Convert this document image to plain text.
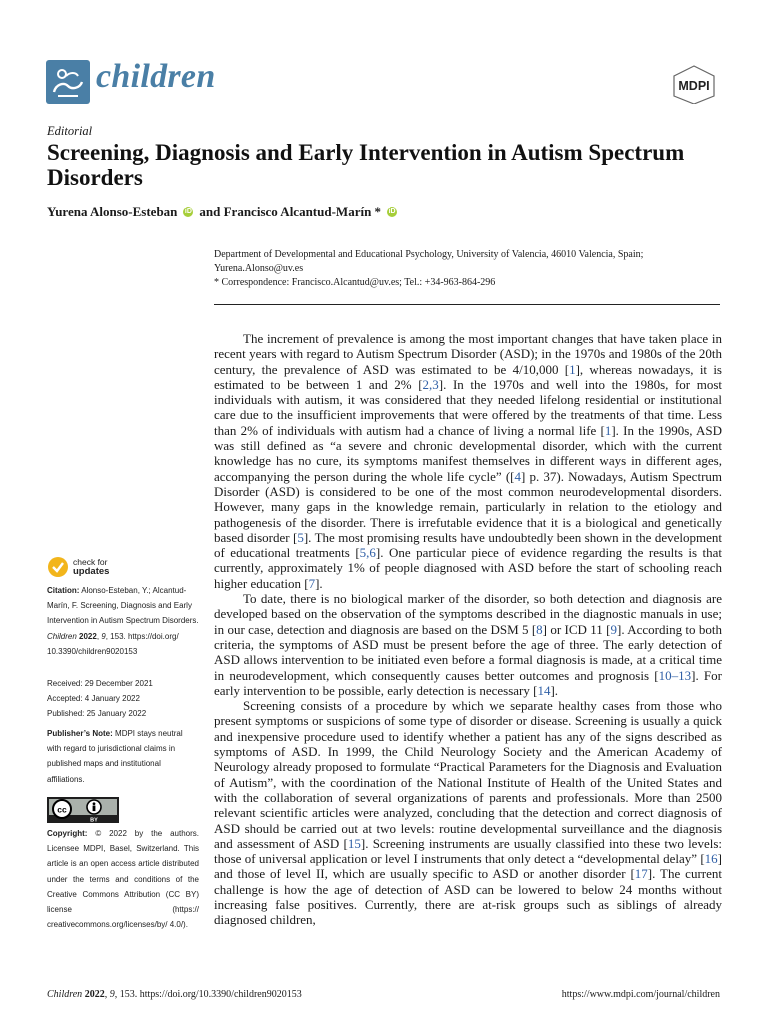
children	MDPI
Editorial
Screening, Diagnosis and Early Intervention in Autism Spectrum Disorders
Yurena Alonso-Esteban iD and Francisco Alcantud-Marín * iD
Department of Developmental and Educational Psychology, University of Valencia, 46010 Valencia, Spain;
Yurena.Alonso@uv.es
* Correspondence: Francisco.Alcantud@uv.es; Tel.: +34-963-864-296
check for
updates
Citation: Alonso-Esteban, Y.; Alcantud-Marín, F. Screening, Diagnosis and Early Intervention in Autism Spectrum Disorders. Children 2022, 9, 153. https://doi.org/ 10.3390/children9020153
Received: 29 December 2021
Accepted: 4 January 2022
Published: 25 January 2022
Publisher’s Note: MDPI stays neutral with regard to jurisdictional claims in published maps and institutional affiliations.
cc
BY
Copyright: © 2022 by the authors. Licensee MDPI, Basel, Switzerland. This article is an open access article distributed under the terms and conditions of the Creative Commons Attribution (CC BY) license (https:// creativecommons.org/licenses/by/ 4.0/).

The increment of prevalence is among the most important changes that have taken place in recent years with regard to Autism Spectrum Disorder (ASD); in the 1970s and 1980s of the 20th century, the prevalence of ASD was estimated to be 4/10,000 [1], whereas nowadays, it is estimated to be between 1 and 2% [2,3]. In the 1970s and well into the 1980s, for most individuals with autism, it was considered that they needed lifelong residential or institutional care due to the insufficient improvements that were offered by the treatments of that time. Less than 2% of individuals with autism had a chance of living a normal life [1]. In the 1990s, ASD was still defined as “a severe and chronic developmental disorder, which with the current knowledge has no cure, its symptoms manifest themselves in different ways in different ages, accompanying the person during the whole life cycle” ([4] p. 37). Nowadays, Autism Spectrum Disorder (ASD) is considered to be one of the most common neurodevelopmental disorders. However, many gaps in the knowledge remain, particularly in relation to the etiology and pathogenesis of the disorder. There is irrefutable evidence that it is a biological and genetically based disorder [5]. The most promising results have undoubtedly been shown in the development of educational treatments [5,6]. One particular piece of evidence regarding the results is that currently, approximately 1% of people diagnosed with ASD before the start of schooling reach higher education [7].

To date, there is no biological marker of the disorder, so both detection and diagnosis are developed based on the observation of the symptoms described in the diagnostic manuals in use; in our case, detection and diagnosis are based on the DSM 5 [8] or ICD 11 [9]. According to both criteria, the symptoms of ASD must be present before the age of three. The early detection of ASD allows intervention to be initiated even before a formal diagnosis is made, at a critical time in neurodevelopment, which consequently causes better outcomes and prognosis [10–13]. For early intervention to be possible, early detection is necessary [14].

Screening consists of a procedure by which we separate healthy cases from those who present symptoms or suspicions of some type of disorder or disease. Screening is usually a quick and inexpensive procedure used to identify whether a patient has any of the signs described as symptoms of ASD. In 1999, the Child Neurology Society and the American Academy of Neurology already proposed to formulate “Practical Parameters for the Diagnosis and Evaluation of Autism”, with the coordination of the National Institute of Health of the United States and with the collaboration of several organizations of parents and professionals. More than 2500 relevant scientific articles were analyzed, concluding that the detection and correct diagnosis of ASD should be carried out at two levels: routine developmental surveillance and the diagnosis and assessment of ASD [15]. Screening instruments are usually classified into these two levels: those of universal application or level I instruments that only detect a “developmental delay” [16] and those of level II, which are usually specific to ASD or another disorder [17]. The current challenge is how the age of detection of ASD can be lowered to below 24 months without increasing false positives. Currently, there are at-risk groups such as siblings of already diagnosed children,

Children 2022, 9, 153. https://doi.org/10.3390/children9020153	https://www.mdpi.com/journal/children
